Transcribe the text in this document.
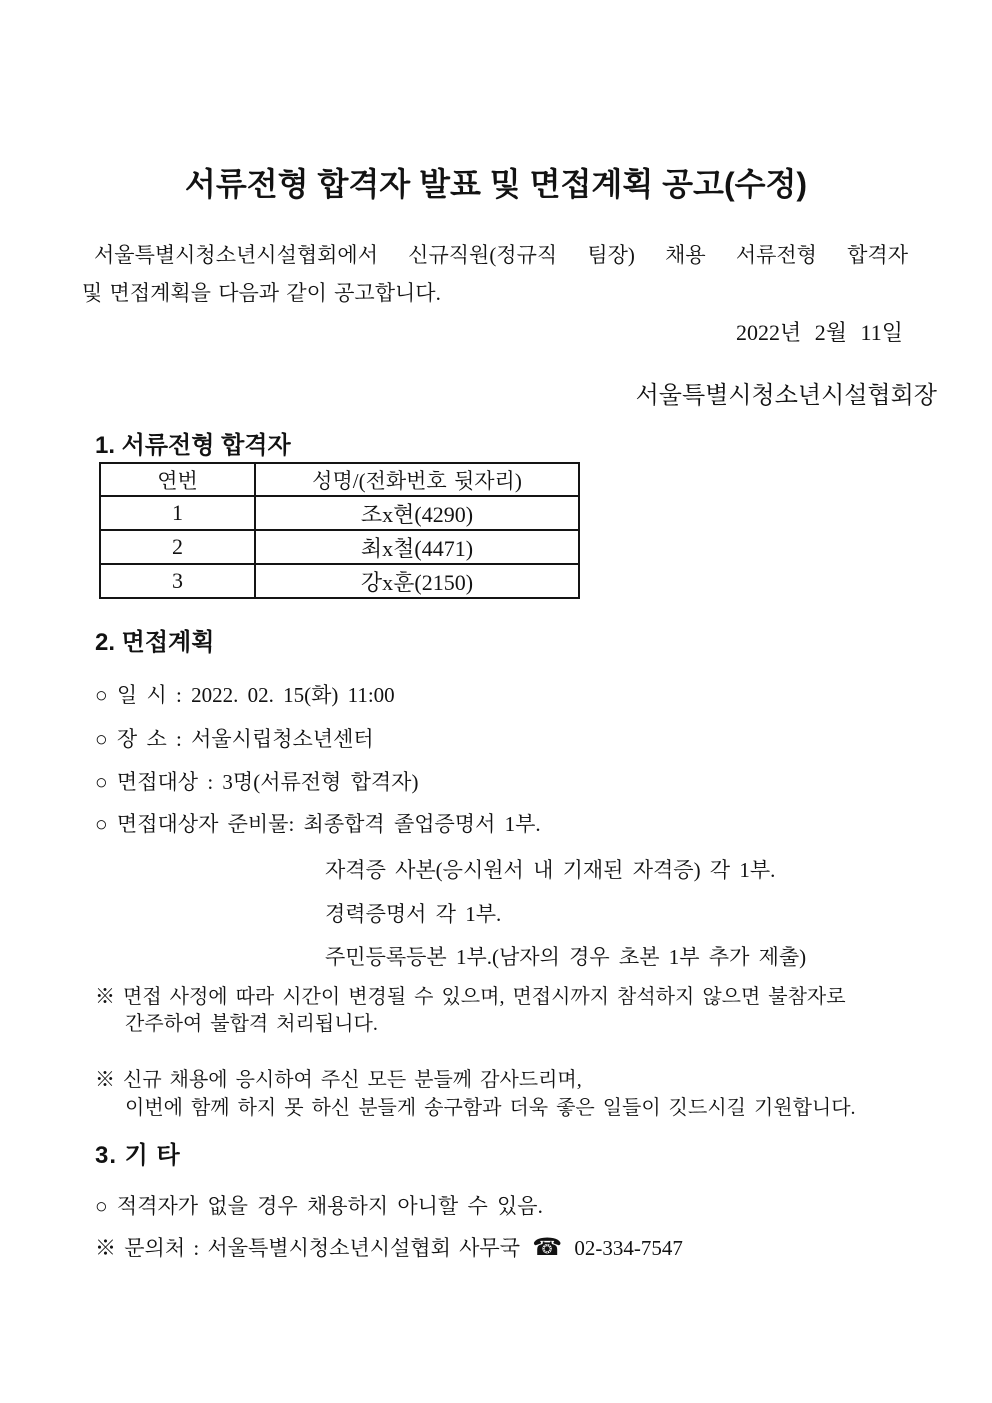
서류전형 합격자 발표 및 면접계획 공고(수정)
서울특별시청소년시설협회에서 신규직원(정규직 팀장) 채용 서류전형 합격자
및 면접계획을 다음과 같이 공고합니다.
2022년 2월 11일
서울특별시청소년시설협회장
1. 서류전형 합격자
연번	성명/(전화번호 뒷자리)
1	조x현(4290)
2	최x철(4471)
3	강x훈(2150)
2. 면접계획
○ 일 시 : 2022. 02. 15(화) 11:00
○ 장 소 : 서울시립청소년센터
○ 면접대상 : 3명(서류전형 합격자)
○ 면접대상자 준비물: 최종합격 졸업증명서 1부.
자격증 사본(응시원서 내 기재된 자격증) 각 1부.
경력증명서 각 1부.
주민등록등본 1부.(남자의 경우 초본 1부 추가 제출)
※ 면접 사정에 따라 시간이 변경될 수 있으며, 면접시까지 참석하지 않으면 불참자로
간주하여 불합격 처리됩니다.
※ 신규 채용에 응시하여 주신 모든 분들께 감사드리며,
이번에 함께 하지 못 하신 분들게 송구함과 더욱 좋은 일들이 깃드시길 기원합니다.
3. 기 타
○ 적격자가 없을 경우 채용하지 아니할 수 있음.
※ 문의처 : 서울특별시청소년시설협회 사무국 ☎ 02-334-7547
